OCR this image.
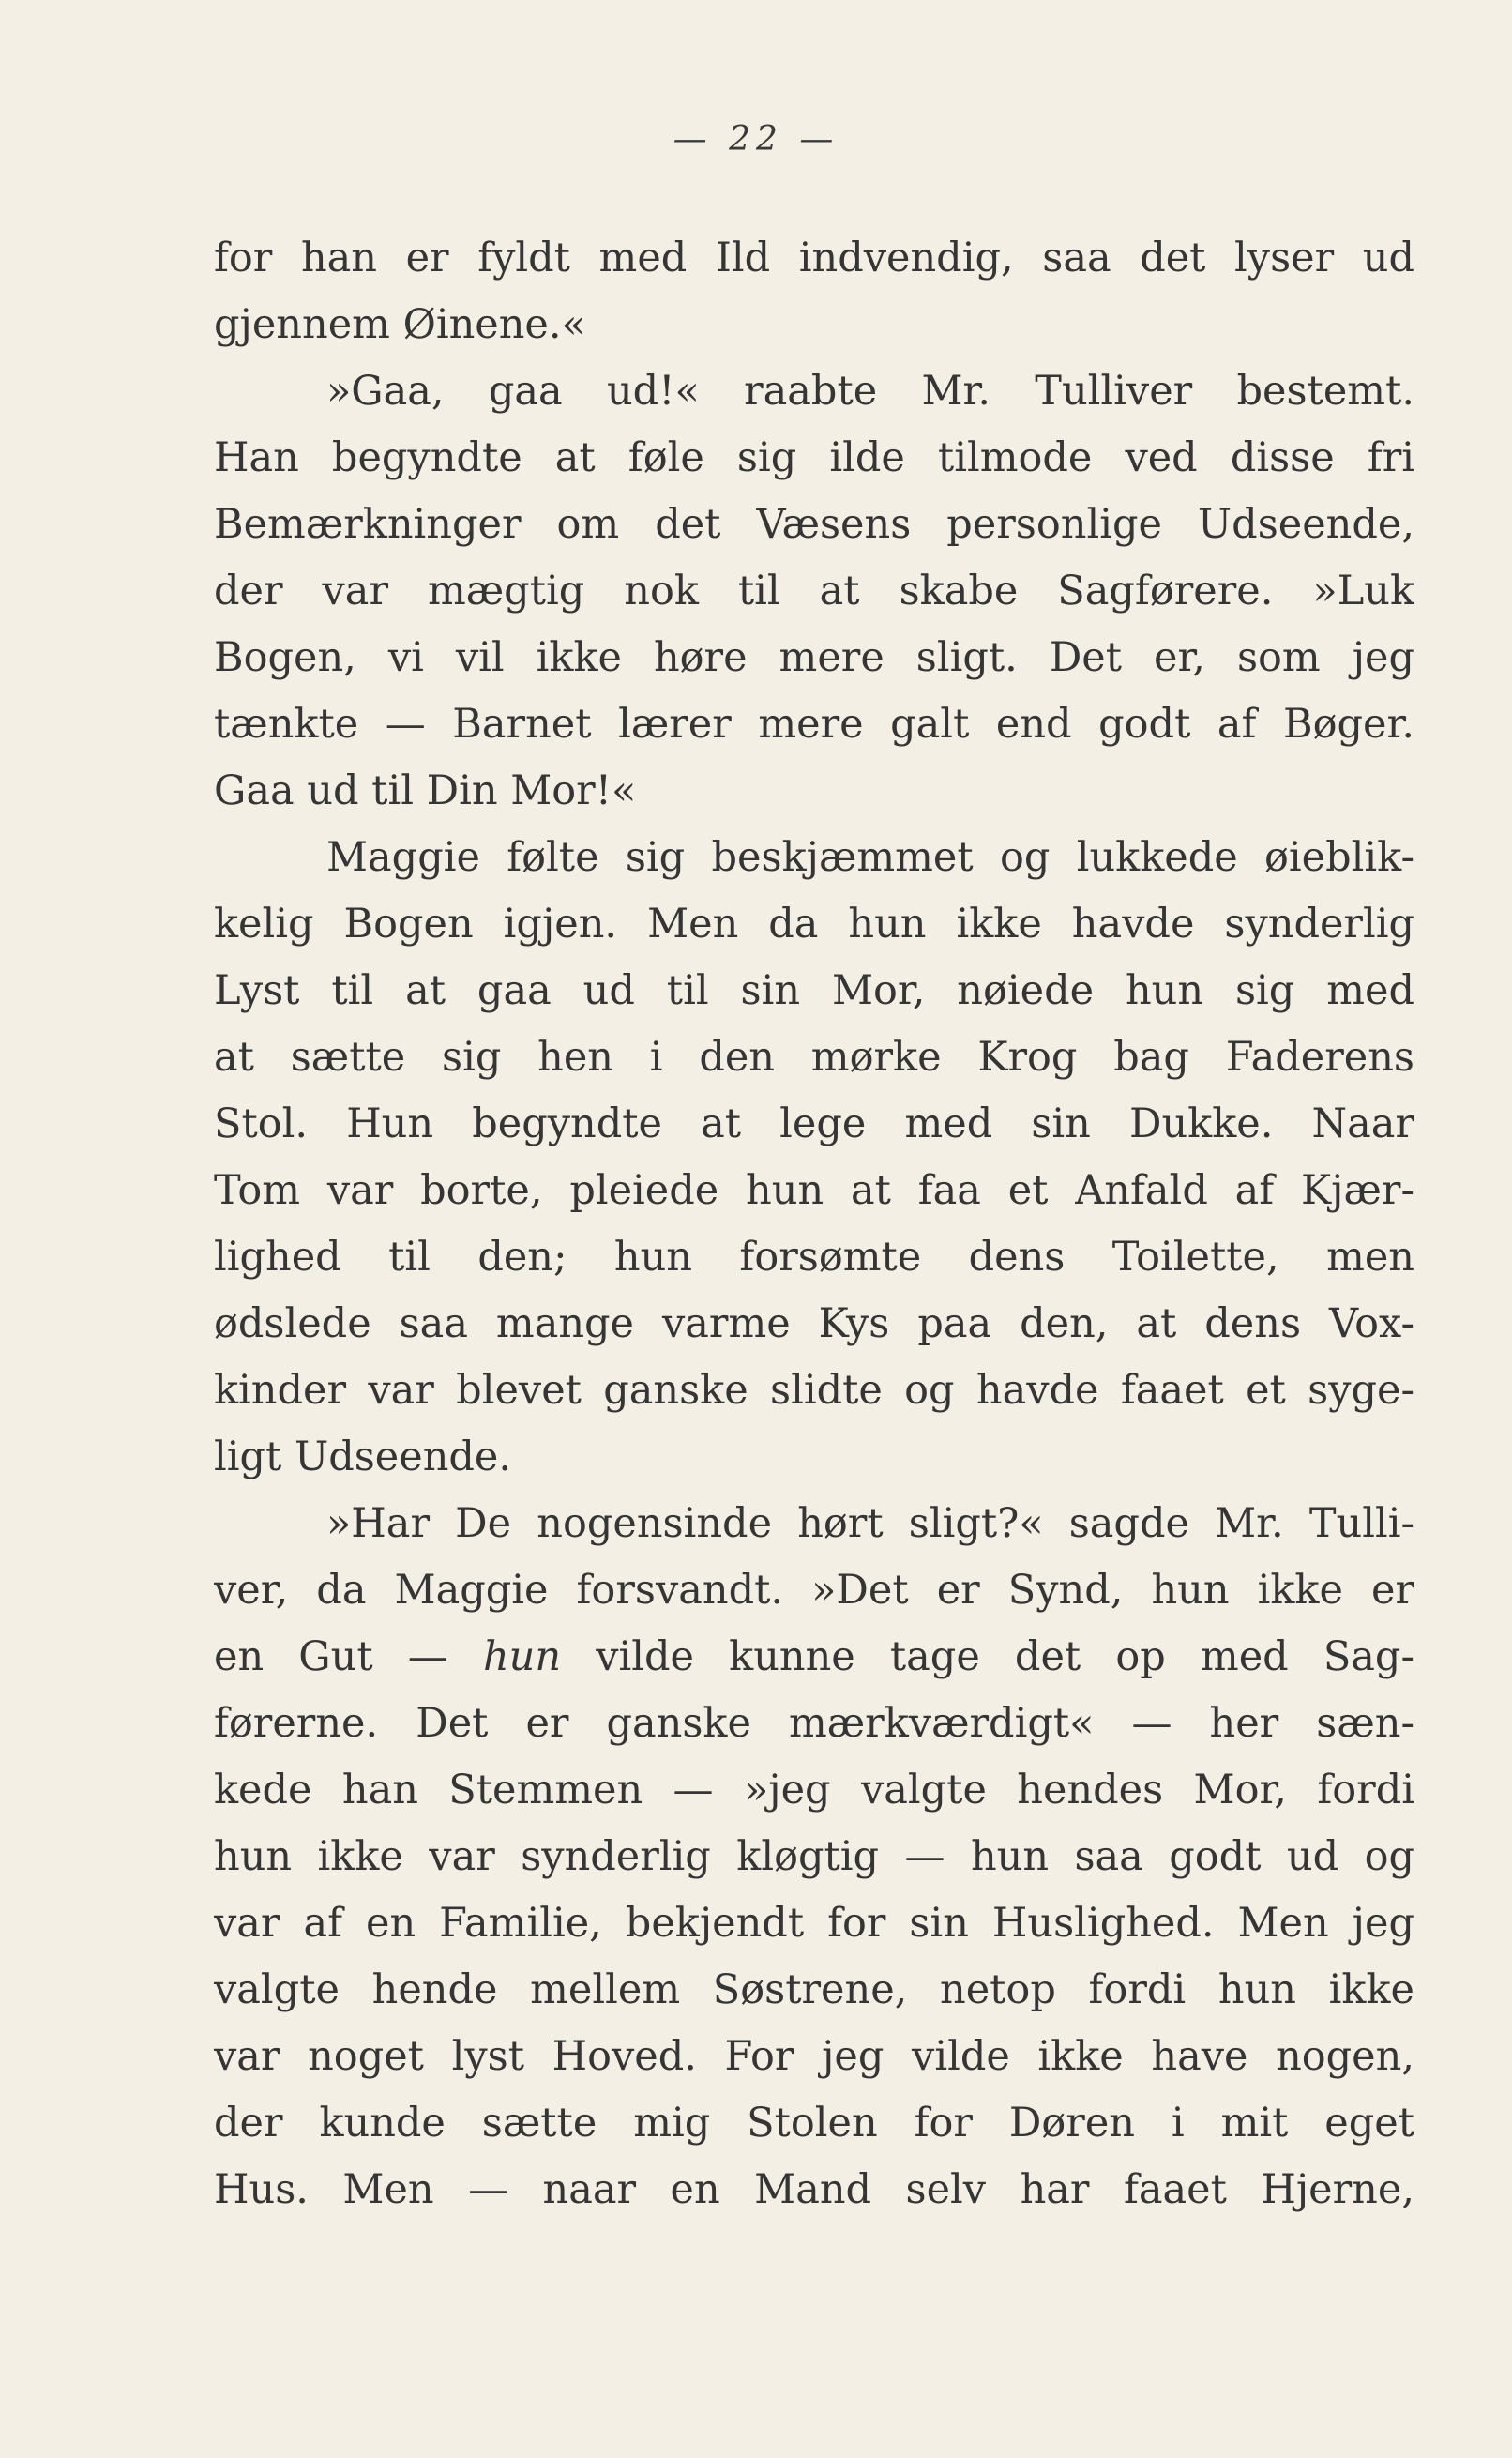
— 22 —
for han er fyldt med Ild indvendig, saa det lyser ud
gjennem Øinene.«
»Gaa, gaa ud!« raabte Mr. Tulliver bestemt.
Han begyndte at føle sig ilde tilmode ved disse fri
Bemærkninger om det Væsens personlige Udseende,
der var mægtig nok til at skabe Sagførere. »Luk
Bogen, vi vil ikke høre mere sligt. Det er, som jeg
tænkte — Barnet lærer mere galt end godt af Bøger.
Gaa ud til Din Mor!«
Maggie følte sig beskjæmmet og lukkede øieblik-
kelig Bogen igjen. Men da hun ikke havde synderlig
Lyst til at gaa ud til sin Mor, nøiede hun sig med
at sætte sig hen i den mørke Krog bag Faderens
Stol. Hun begyndte at lege med sin Dukke. Naar
Tom var borte, pleiede hun at faa et Anfald af Kjær-
lighed til den; hun forsømte dens Toilette, men
ødslede saa mange varme Kys paa den, at dens Vox-
kinder var blevet ganske slidte og havde faaet et syge-
ligt Udseende.
»Har De nogensinde hørt sligt?« sagde Mr. Tulli-
ver, da Maggie forsvandt. »Det er Synd, hun ikke er
en Gut — hun vilde kunne tage det op med Sag-
førerne. Det er ganske mærkværdigt« — her sæn-
kede han Stemmen — »jeg valgte hendes Mor, fordi
hun ikke var synderlig kløgtig — hun saa godt ud og
var af en Familie, bekjendt for sin Huslighed. Men jeg
valgte hende mellem Søstrene, netop fordi hun ikke
var noget lyst Hoved. For jeg vilde ikke have nogen,
der kunde sætte mig Stolen for Døren i mit eget
Hus. Men — naar en Mand selv har faaet Hjerne,
